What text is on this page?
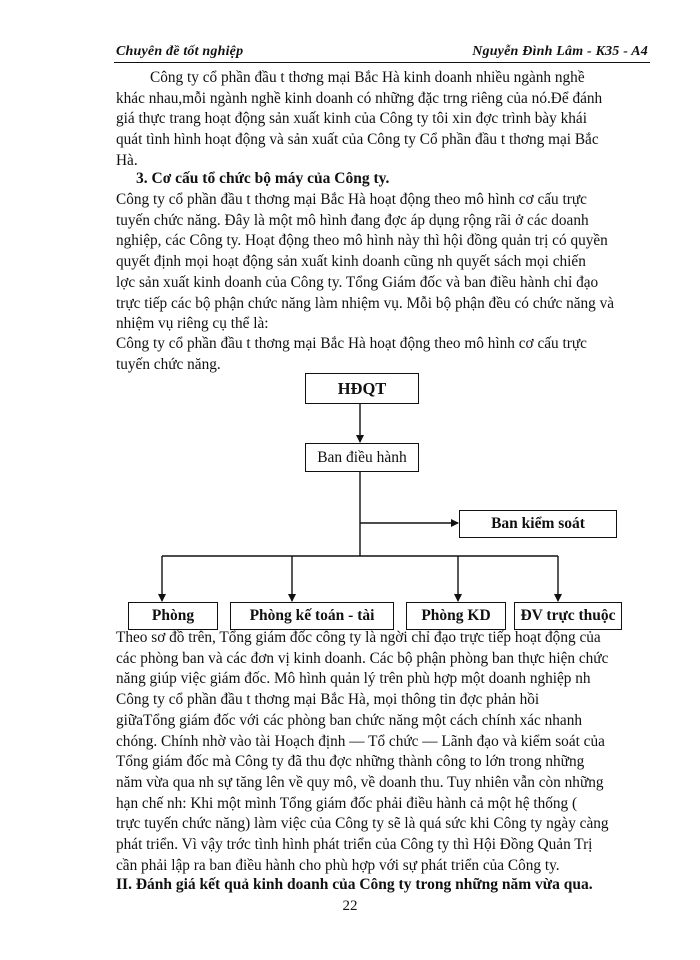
Chuyên đề tốt nghiệp	Nguyễn Đình Lâm - K35 - A4
Công ty cổ phần đầu t thơng mại Bắc Hà kinh doanh nhiều ngành nghề
khác nhau,mỗi ngành nghề kinh doanh có những đặc trng riêng của nó.Để đánh
giá thực trang hoạt động sản xuất kinh của Công ty tôi xin đợc trình bày khái
quát tình hình hoạt động và sản xuất của Công ty Cổ phần đầu t thơng mại Bắc
Hà.
3. Cơ cấu tổ chức bộ máy của Công ty.
Công ty cổ phần đầu t thơng mại Bắc Hà hoạt động theo mô hình cơ cấu trực
tuyến chức năng. Đây là một mô hình đang đợc áp dụng rộng rãi ở các doanh
nghiệp, các Công ty. Hoạt động theo mô hình này thì hội đồng quản trị có quyền
quyết định mọi hoạt động sản xuất kinh doanh cũng nh quyết sách mọi chiến
lợc sản xuất kinh doanh của Công ty. Tổng Giám đốc và ban điều hành chỉ đạo
trực tiếp các bộ phận chức năng làm nhiệm vụ. Mỗi bộ phận đều có chức năng và
nhiệm vụ riêng cụ thể là:
Công ty cổ phần đầu t thơng mại Bắc Hà hoạt động theo mô hình cơ cấu trực
tuyến chức năng.
HĐQT
Ban điều hành
Ban kiểm soát
Phòng	Phòng kế toán - tài	Phòng KD	ĐV trực thuộc
Theo sơ đồ trên, Tổng giám đốc công ty là ngời chỉ đạo trực tiếp hoạt động của
các phòng ban và các đơn vị kinh doanh. Các bộ phận phòng ban thực hiện chức
năng giúp việc giám đốc. Mô hình quản lý trên phù hợp một doanh nghiệp nh
Công ty cổ phần đầu t thơng mại Bắc Hà, mọi thông tin đợc phản hồi
giữaTổng giám đốc với các phòng ban chức năng một cách chính xác nhanh
chóng. Chính nhờ vào tài Hoạch định — Tổ chức — Lãnh đạo và kiểm soát của
Tổng giám đốc mà Công ty đã thu đợc những thành công to lớn trong những
năm vừa qua nh sự tăng lên về quy mô, về doanh thu. Tuy nhiên vẫn còn những
hạn chế nh: Khi một mình Tổng giám đốc phải điều hành cả một hệ thống (
trực tuyến chức năng) làm việc của Công ty sẽ là quá sức khi Công ty ngày càng
phát triển. Vì vậy trớc tình hình phát triển của Công ty thì Hội Đồng Quản Trị
cần phải lập ra ban điều hành cho phù hợp với sự phát triển của Công ty.
II. Đánh giá kết quả kinh doanh của Công ty trong những năm vừa qua.
22
